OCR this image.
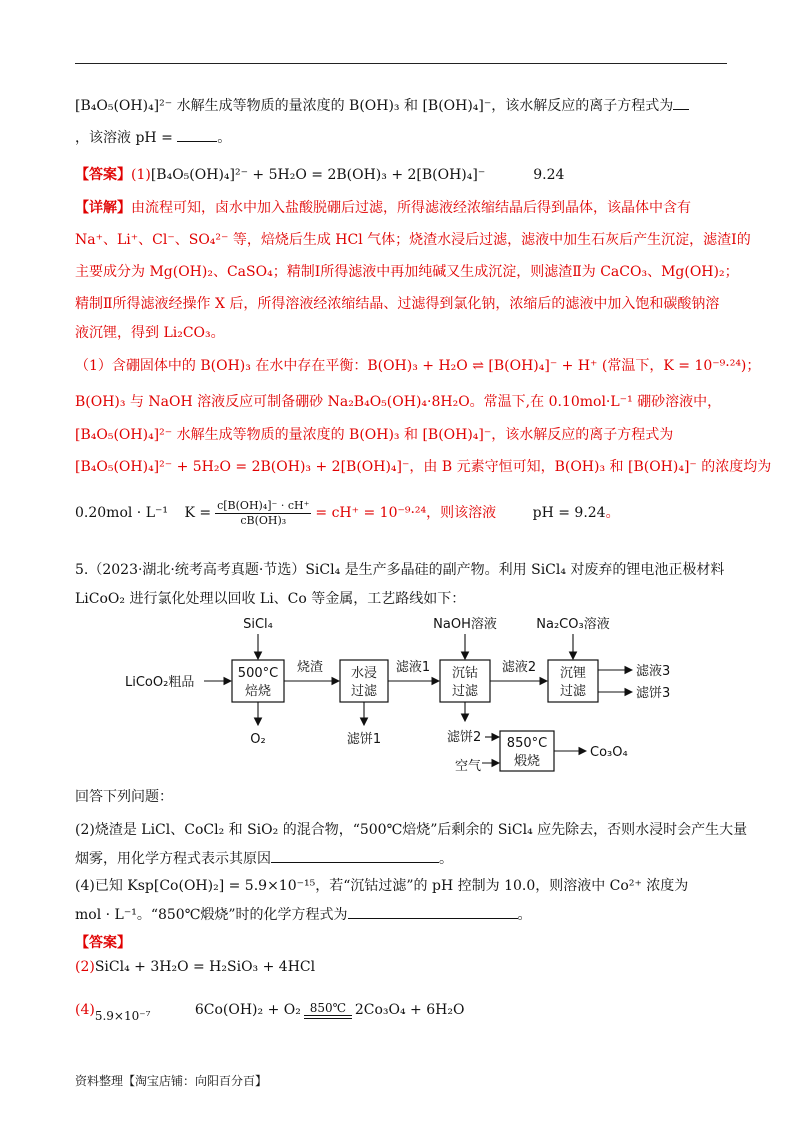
[B₄O₅(OH)₄]²⁻ 水解生成等物质的量浓度的 B(OH)₃ 和 [B(OH)₄]⁻，该水解反应的离子方程式为
，该溶液 pH =	。
【答案】(1)[B₄O₅(OH)₄]²⁻ + 5H₂O = 2B(OH)₃ + 2[B(OH)₄]⁻	9.24
【详解】由流程可知，卤水中加入盐酸脱硼后过滤，所得滤液经浓缩结晶后得到晶体，该晶体中含有
Na⁺、Li⁺、Cl⁻、SO₄²⁻ 等，焙烧后生成 HCl 气体；烧渣水浸后过滤，滤液中加生石灰后产生沉淀，滤渣Ⅰ的
主要成分为 Mg(OH)₂、CaSO₄；精制Ⅰ所得滤液中再加纯碱又生成沉淀，则滤渣Ⅱ为 CaCO₃、Mg(OH)₂；
精制Ⅱ所得滤液经操作 X 后，所得溶液经浓缩结晶、过滤得到氯化钠，浓缩后的滤液中加入饱和碳酸钠溶
液沉锂，得到 Li₂CO₃。
（1）含硼固体中的 B(OH)₃ 在水中存在平衡：B(OH)₃ + H₂O ⇌ [B(OH)₄]⁻ + H⁺ (常温下，K = 10⁻⁹·²⁴)；
B(OH)₃ 与 NaOH 溶液反应可制备硼砂 Na₂B₄O₅(OH)₄·8H₂O。常温下,在 0.10mol·L⁻¹ 硼砂溶液中，
[B₄O₅(OH)₄]²⁻ 水解生成等物质的量浓度的 B(OH)₃ 和 [B(OH)₄]⁻，该水解反应的离子方程式为
[B₄O₅(OH)₄]²⁻ + 5H₂O = 2B(OH)₃ + 2[B(OH)₄]⁻，由 B 元素守恒可知，B(OH)₃ 和 [B(OH)₄]⁻ 的浓度均为
0.20mol · L⁻¹ $K = \frac{\text{c[B(OH)₄]⁻ · cH⁺}}{\text{cB(OH)₃}} = cH^+ = 10^{-9}\cdot^{24}$，则该溶液	pH = 9.24。
5.（2023·湖北·统考高考真题·节选）SiCl₄ 是生产多晶硅的副产物。利用 SiCl₄ 对废弃的锂电池正极材料
LiCoO₂ 进行氯化处理以回收 Li、Co 等金属，工艺路线如下：
500°C
焙烧
水浸
过滤
沉钴
过滤
沉锂
过滤
850°C
煅烧
SiCl₄	NaOH溶液	Na₂CO₃溶液
LiCoO₂粗品
烧渣	滤液1	滤液2	滤液3
滤饼3
O₂	滤饼1	滤饼2
空气
Co₃O₄
回答下列问题：
(2)烧渣是 LiCl、CoCl₂ 和 SiO₂ 的混合物，“500℃焙烧”后剩余的 SiCl₄ 应先除去，否则水浸时会产生大量
烟雾，用化学方程式表示其原因	。
(4)已知 Ksp[Co(OH)₂] = 5.9×10⁻¹⁵，若“沉钴过滤”的 pH 控制为 10.0，则溶液中 Co²⁺ 浓度为
mol · L⁻¹。“850℃煅烧”时的化学方程式为	。
【答案】
(2)SiCl₄ + 3H₂O = H₂SiO₃ + 4HCl
(4)5.9×10⁻⁷	6Co(OH)₂ + O₂ 850℃ 2Co₃O₄ + 6H₂O
资料整理【淘宝店铺：向阳百分百】
